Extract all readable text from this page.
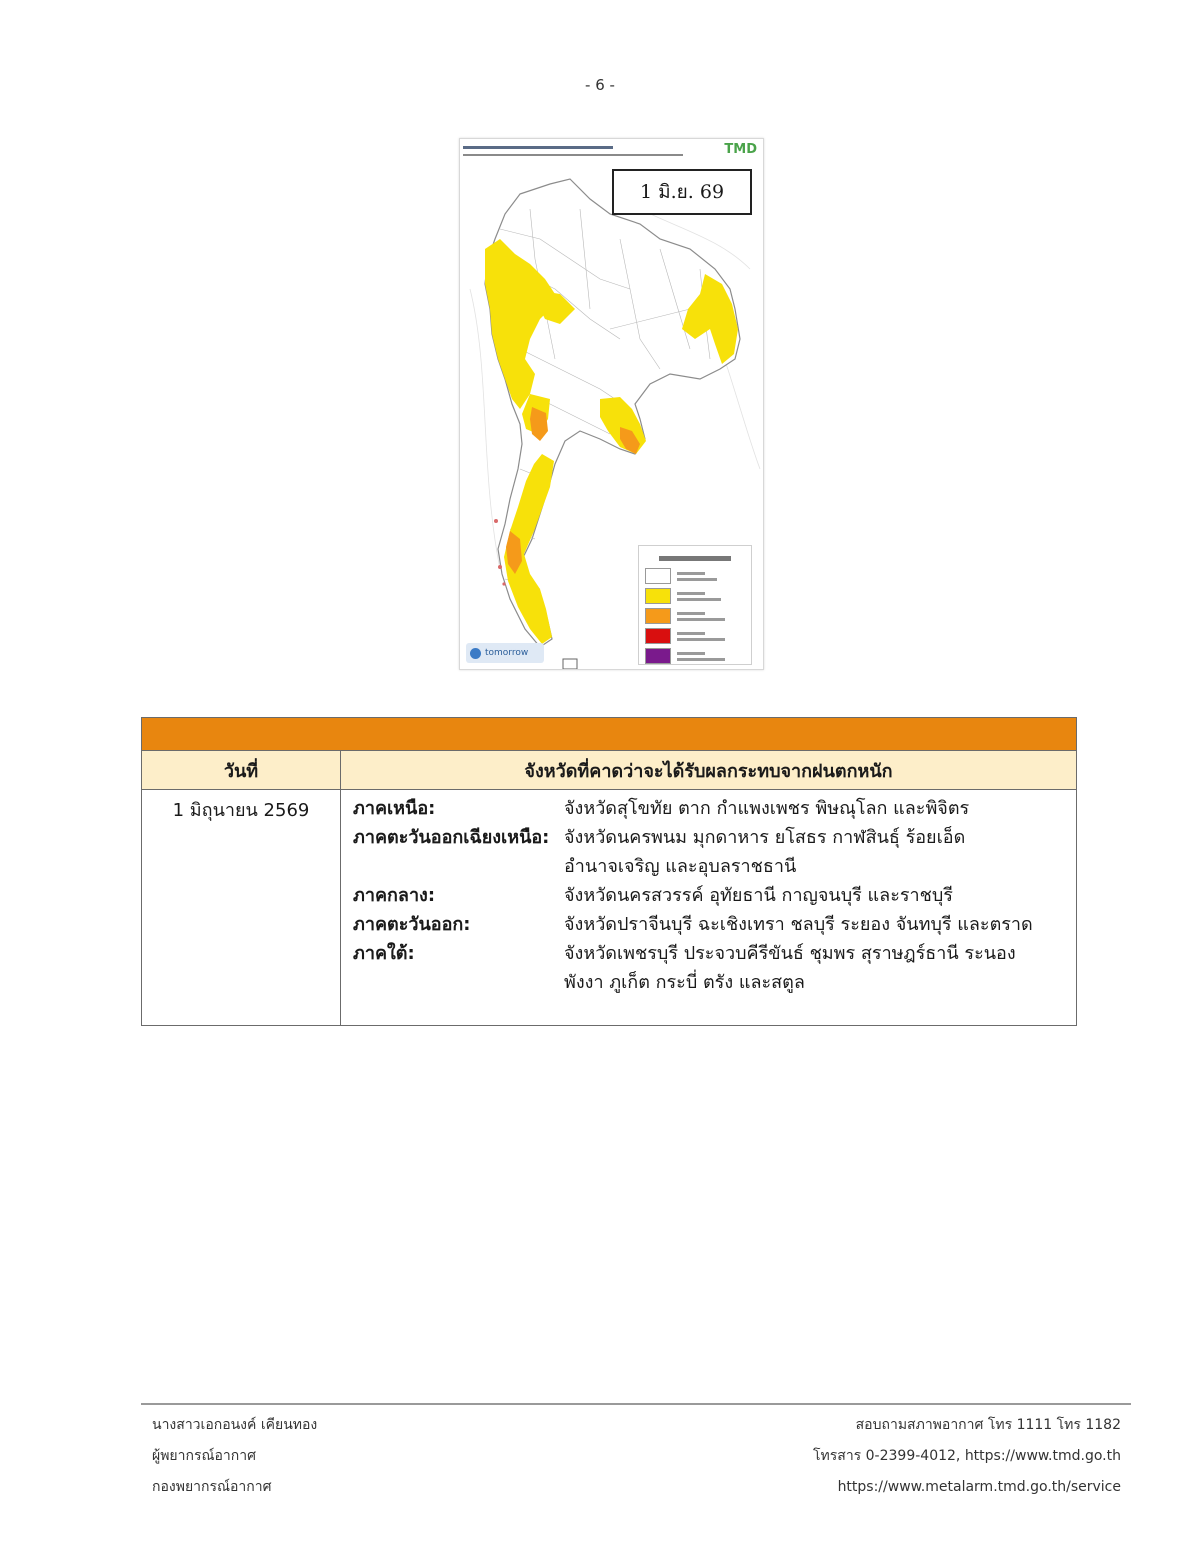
- 6 -
TMD
1 มิ.ย. 69
tomorrow
วันที่	จังหวัดที่คาดว่าจะได้รับผลกระทบจากฝนตกหนัก
1 มิถุนายน 2569	ภาคเหนือ:	จังหวัดสุโขทัย ตาก กำแพงเพชร พิษณุโลก และพิจิตร
ภาคตะวันออกเฉียงเหนือ: จังหวัดนครพนม มุกดาหาร ยโสธร กาฬสินธุ์ ร้อยเอ็ด
อำนาจเจริญ และอุบลราชธานี
ภาคกลาง:	จังหวัดนครสวรรค์ อุทัยธานี กาญจนบุรี และราชบุรี
ภาคตะวันออก:	จังหวัดปราจีนบุรี ฉะเชิงเทรา ชลบุรี ระยอง จันทบุรี และตราด
ภาคใต้:	จังหวัดเพชรบุรี ประจวบคีรีขันธ์ ชุมพร สุราษฎร์ธานี ระนอง
พังงา ภูเก็ต กระบี่ ตรัง และสตูล
นางสาวเอกอนงค์ เคียนทอง
ผู้พยากรณ์อากาศ
กองพยากรณ์อากาศ
สอบถามสภาพอากาศ โทร 1111 โทร 1182
โทรสาร 0-2399-4012, https://www.tmd.go.th
https://www.metalarm.tmd.go.th/service
